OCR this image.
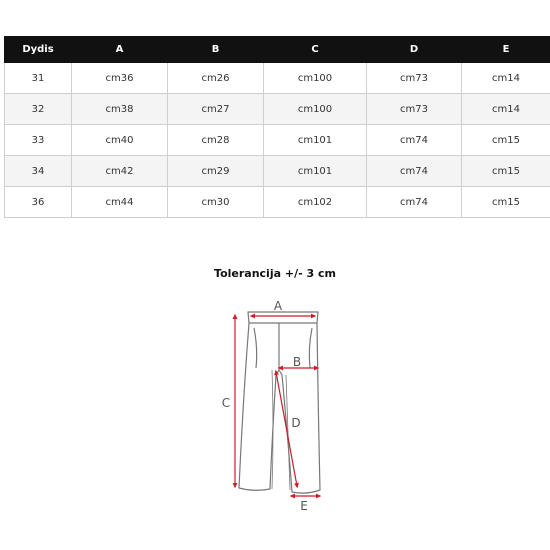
Dydis	A	B	C	D	E
31	cm36	cm26	cm100	cm73	cm14
32	cm38	cm27	cm100	cm73	cm14
33	cm40	cm28	cm101	cm74	cm15
34	cm42	cm29	cm101	cm74	cm15
36	cm44	cm30	cm102	cm74	cm15
Tolerancija +/- 3 cm
A
B
C
D
E
